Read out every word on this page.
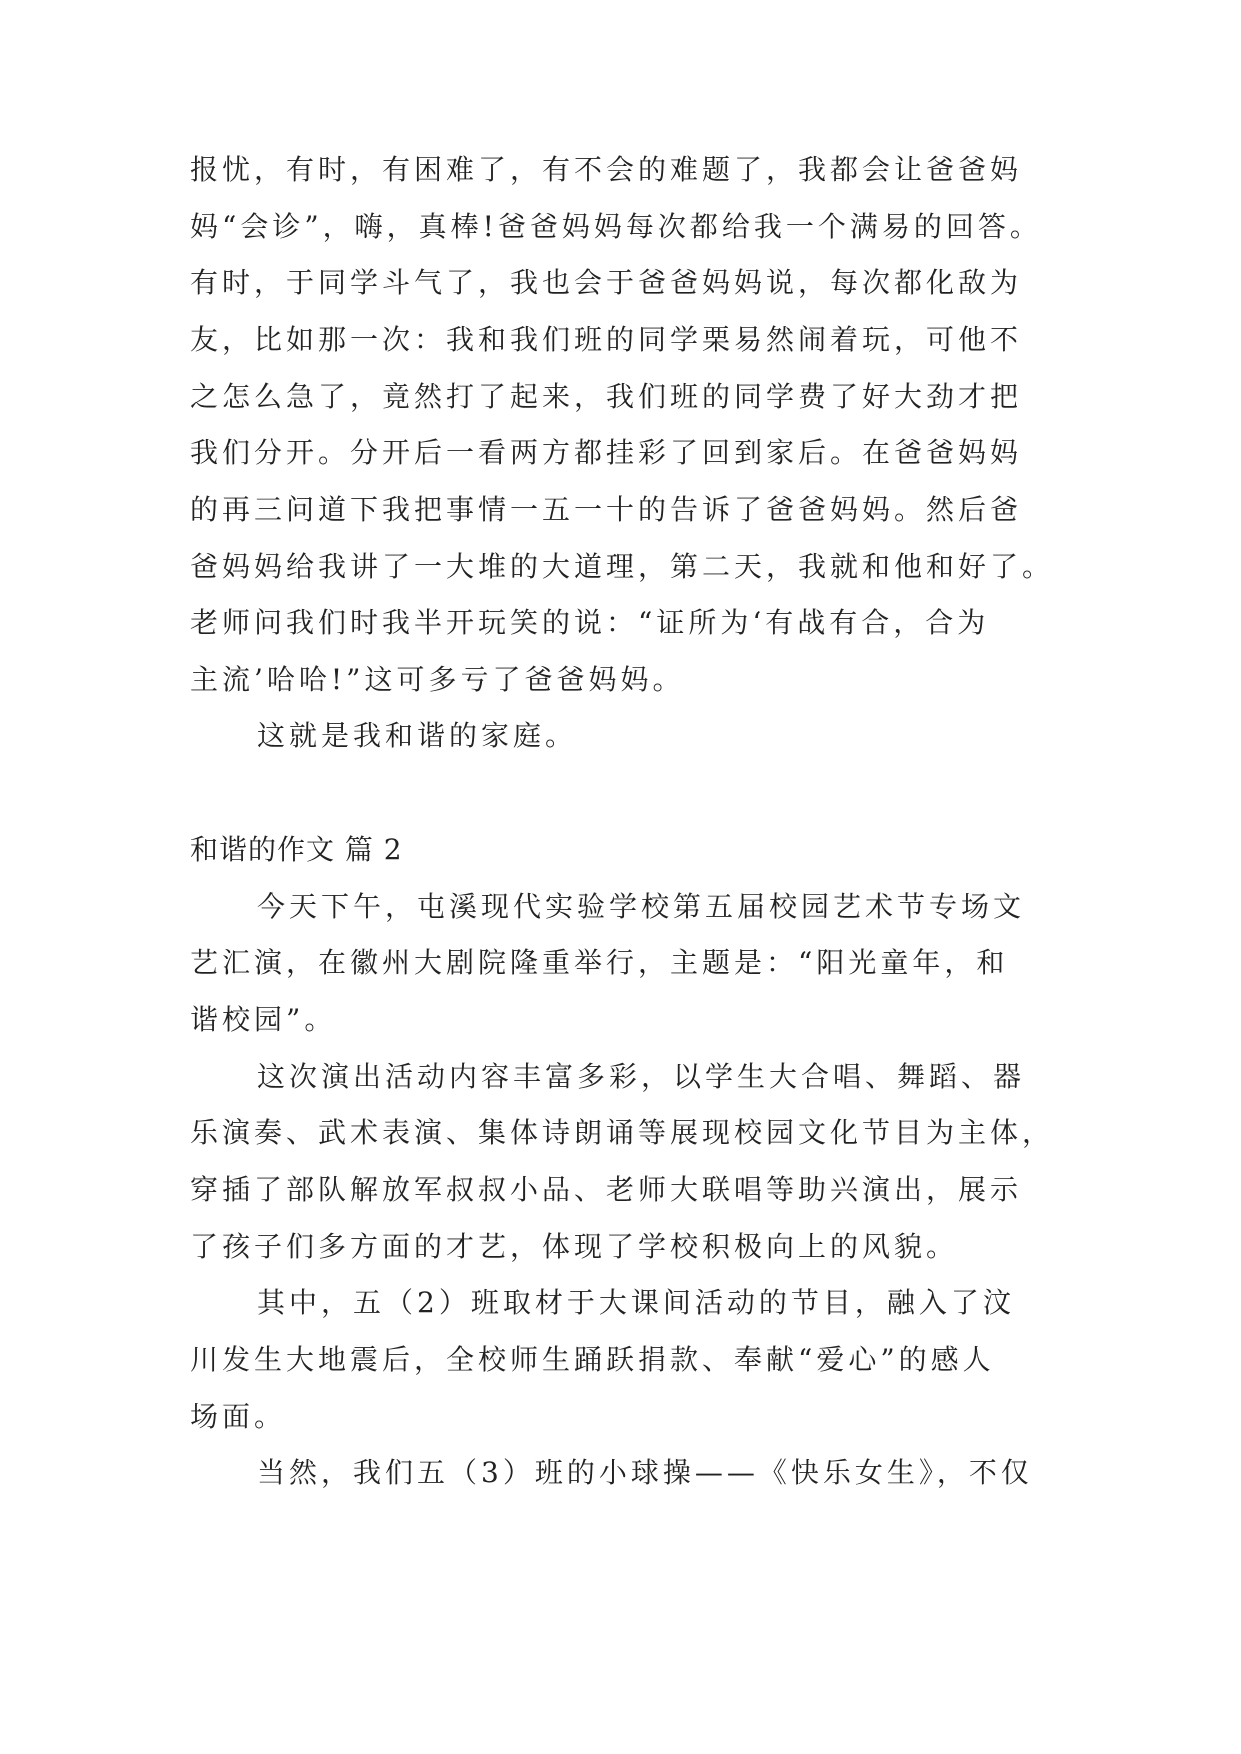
报忧，有时，有困难了，有不会的难题了，我都会让爸爸妈
妈“会诊”，嗨，真棒!爸爸妈妈每次都给我一个满易的回答。
有时，于同学斗气了，我也会于爸爸妈妈说，每次都化敌为
友，比如那一次：我和我们班的同学栗易然闹着玩，可他不
之怎么急了，竟然打了起来，我们班的同学费了好大劲才把
我们分开。分开后一看两方都挂彩了回到家后。在爸爸妈妈
的再三问道下我把事情一五一十的告诉了爸爸妈妈。然后爸
爸妈妈给我讲了一大堆的大道理，第二天，我就和他和好了。
老师问我们时我半开玩笑的说：“证所为‘有战有合，合为
主流’哈哈!”这可多亏了爸爸妈妈。
这就是我和谐的家庭。
和谐的作文 篇 2
今天下午，屯溪现代实验学校第五届校园艺术节专场文
艺汇演，在徽州大剧院隆重举行，主题是：“阳光童年，和
谐校园”。
这次演出活动内容丰富多彩，以学生大合唱、舞蹈、器
乐演奏、武术表演、集体诗朗诵等展现校园文化节目为主体，
穿插了部队解放军叔叔小品、老师大联唱等助兴演出，展示
了孩子们多方面的才艺，体现了学校积极向上的风貌。
其中，五（2）班取材于大课间活动的节目，融入了汶
川发生大地震后，全校师生踊跃捐款、奉献“爱心”的感人
场面。
当然，我们五（3）班的小球操——《快乐女生》，不仅
